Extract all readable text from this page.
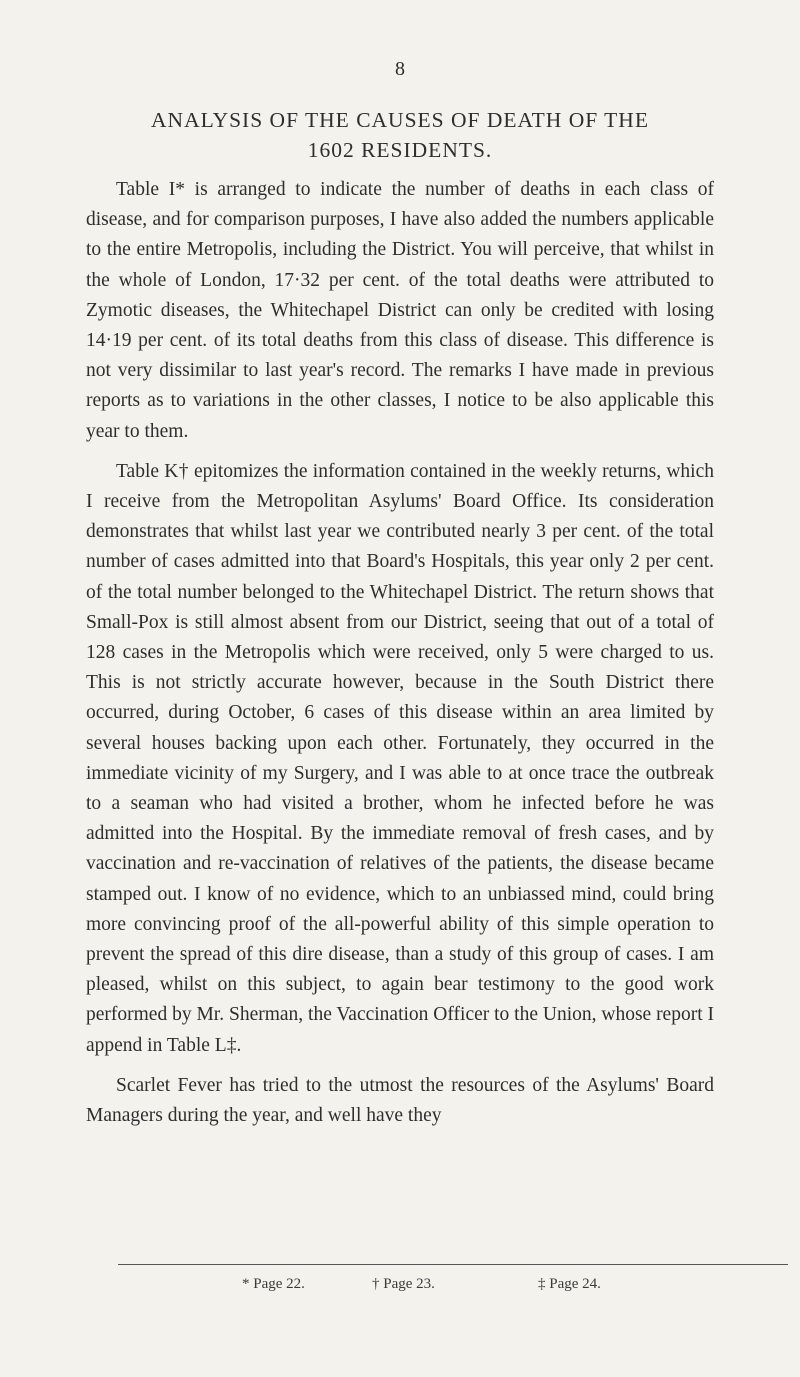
8
ANALYSIS OF THE CAUSES OF DEATH OF THE
1602 RESIDENTS.

Table I* is arranged to indicate the number of deaths in each class of disease, and for comparison purposes, I have also added the numbers applicable to the entire Metropolis, including the District. You will perceive, that whilst in the whole of London, 17·32 per cent. of the total deaths were attributed to Zymotic diseases, the Whitechapel District can only be credited with losing 14·19 per cent. of its total deaths from this class of disease. This difference is not very dissimilar to last year's record. The remarks I have made in previous reports as to variations in the other classes, I notice to be also applicable this year to them.

Table K† epitomizes the information contained in the weekly returns, which I receive from the Metropolitan Asylums' Board Office. Its consideration demonstrates that whilst last year we contributed nearly 3 per cent. of the total number of cases admitted into that Board's Hospitals, this year only 2 per cent. of the total number belonged to the Whitechapel District. The return shows that Small-Pox is still almost absent from our District, seeing that out of a total of 128 cases in the Metropolis which were received, only 5 were charged to us. This is not strictly accurate however, because in the South District there occurred, during October, 6 cases of this disease within an area limited by several houses backing upon each other. Fortunately, they occurred in the immediate vicinity of my Surgery, and I was able to at once trace the outbreak to a seaman who had visited a brother, whom he infected before he was admitted into the Hospital. By the immediate removal of fresh cases, and by vaccination and re-vaccination of relatives of the patients, the disease became stamped out. I know of no evidence, which to an unbiassed mind, could bring more convincing proof of the all-powerful ability of this simple operation to prevent the spread of this dire disease, than a study of this group of cases. I am pleased, whilst on this subject, to again bear testimony to the good work performed by Mr. Sherman, the Vaccination Officer to the Union, whose report I append in Table L‡.

Scarlet Fever has tried to the utmost the resources of the Asylums' Board Managers during the year, and well have they

* Page 22.	† Page 23.	‡ Page 24.
